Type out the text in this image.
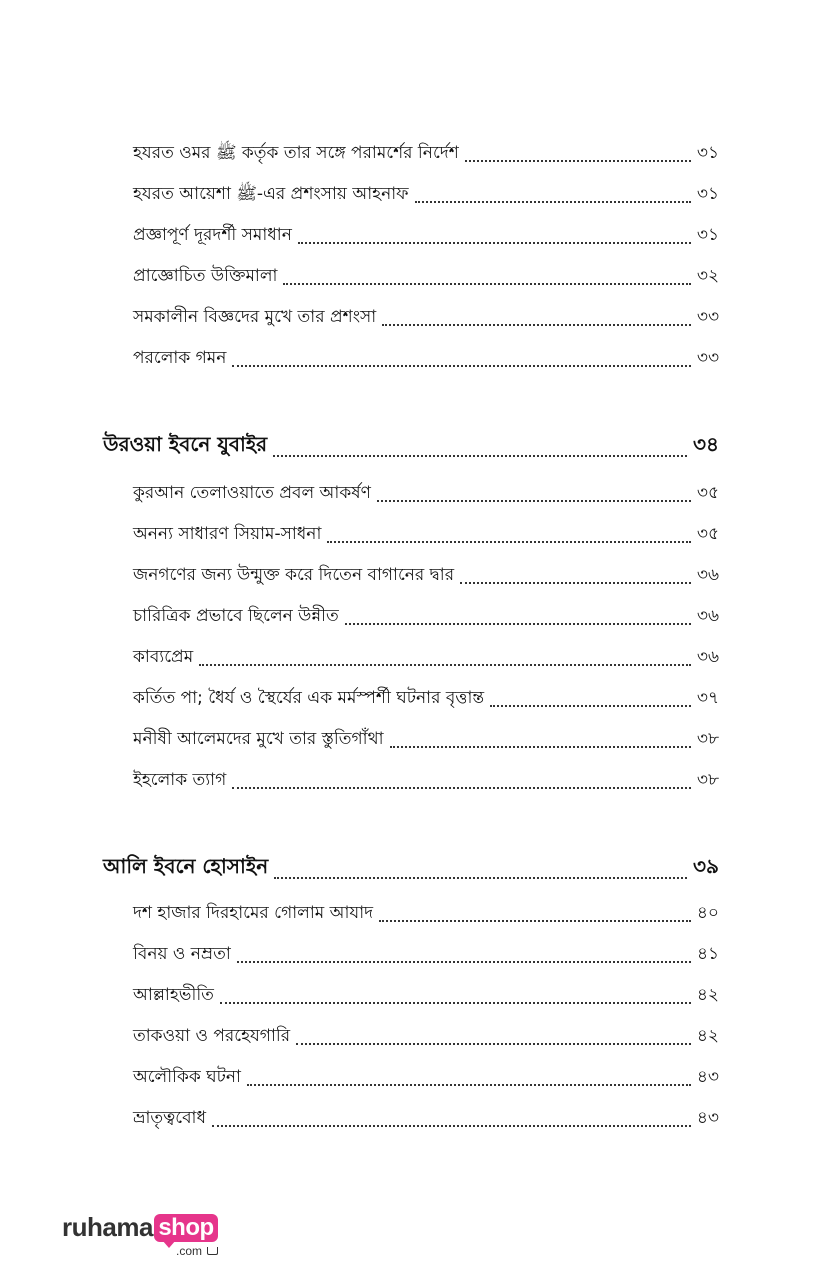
হযরত ওমর ﷺ কর্তৃক তার সঙ্গে পরামর্শের নির্দেশ	৩১
হযরত আয়েশা ﷺ-এর প্রশংসায় আহনাফ	৩১
প্রজ্ঞাপূর্ণ দূরদর্শী সমাধান	৩১
প্রাজ্ঞোচিত উক্তিমালা	৩২
সমকালীন বিজ্ঞদের মুখে তার প্রশংসা	৩৩
পরলোক গমন	৩৩
উরওয়া ইবনে যুবাইর	৩৪
কুরআন তেলাওয়াতে প্রবল আকর্ষণ	৩৫
অনন্য সাধারণ সিয়াম-সাধনা	৩৫
জনগণের জন্য উন্মুক্ত করে দিতেন বাগানের দ্বার	৩৬
চারিত্রিক প্রভাবে ছিলেন উন্নীত	৩৬
কাব্যপ্রেম	৩৬
কর্তিত পা; ধৈর্য ও স্থৈর্যের এক মর্মস্পর্শী ঘটনার বৃত্তান্ত	৩৭
মনীষী আলেমদের মুখে তার স্তুতিগাঁথা	৩৮
ইহলোক ত্যাগ	৩৮
আলি ইবনে হোসাইন	৩৯
দশ হাজার দিরহামের গোলাম আযাদ	৪০
বিনয় ও নম্রতা	৪১
আল্লাহভীতি	৪২
তাকওয়া ও পরহেযগারি	৪২
অলৌকিক ঘটনা	৪৩
ভ্রাতৃত্ববোধ	৪৩
ruhama shop
.com
